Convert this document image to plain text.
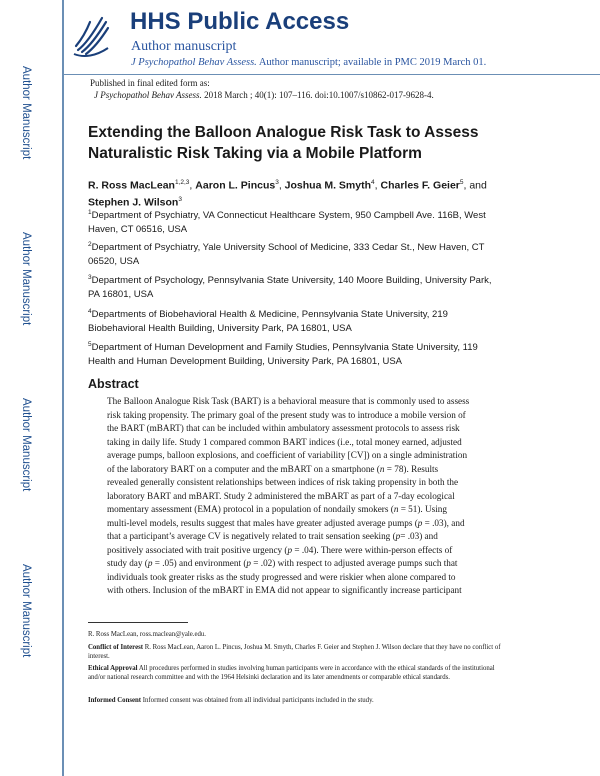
Author Manuscript
Author Manuscript
Author Manuscript
Author Manuscript
HHS Public Access
Author manuscript
J Psychopathol Behav Assess. Author manuscript; available in PMC 2019 March 01.
Published in final edited form as:
J Psychopathol Behav Assess. 2018 March ; 40(1): 107–116. doi:10.1007/s10862-017-9628-4.
Extending the Balloon Analogue Risk Task to Assess
Naturalistic Risk Taking via a Mobile Platform
R. Ross MacLean$^{1,2,3}$, Aaron L. Pincus$^3$, Joshua M. Smyth$^4$, Charles F. Geier$^5$, and Stephen J. Wilson$^3$
$^1$Department of Psychiatry, VA Connecticut Healthcare System, 950 Campbell Ave. 116B, West
Haven, CT 06516, USA
$^2$Department of Psychiatry, Yale University School of Medicine, 333 Cedar St., New Haven, CT
06520, USA
$^3$Department of Psychology, Pennsylvania State University, 140 Moore Building, University Park,
PA 16801, USA
$^4$Departments of Biobehavioral Health & Medicine, Pennsylvania State University, 219
Biobehavioral Health Building, University Park, PA 16801, USA
$^5$Department of Human Development and Family Studies, Pennsylvania State University, 119
Health and Human Development Building, University Park, PA 16801, USA
Abstract
The Balloon Analogue Risk Task (BART) is a behavioral measure that is commonly used to assess
risk taking propensity. The primary goal of the present study was to introduce a mobile version of
the BART (mBART) that can be included within ambulatory assessment protocols to assess risk
taking in daily life. Study 1 compared common BART indices (i.e., total money earned, adjusted
average pumps, balloon explosions, and coefficient of variability [CV]) on a single administration
of the laboratory BART on a computer and the mBART on a smartphone (n = 78). Results
revealed generally consistent relationships between indices of risk taking propensity in both the
laboratory BART and mBART. Study 2 administered the mBART as part of a 7-day ecological
momentary assessment (EMA) protocol in a population of nondaily smokers (n = 51). Using
multi-level models, results suggest that males have greater adjusted average pumps (p = .03), and
that a participant’s average CV is negatively related to trait sensation seeking (p= .03) and
positively associated with trait positive urgency (p = .04). There were within-person effects of
study day (p = .05) and environment (p = .02) with respect to adjusted average pumps such that
individuals took greater risks as the study progressed and were riskier when alone compared to
with others. Inclusion of the mBART in EMA did not appear to significantly increase participant
R. Ross MacLean, ross.maclean@yale.edu.
Conflict of Interest R. Ross MacLean, Aaron L. Pincus, Joshua M. Smyth, Charles F. Geier and Stephen J. Wilson declare that they have no conflict of interest.
Ethical Approval All procedures performed in studies involving human participants were in accordance with the ethical standards of the institutional and/or national research committee and with the 1964 Helsinki declaration and its later amendments or comparable ethical standards.
Informed Consent Informed consent was obtained from all individual participants included in the study.
